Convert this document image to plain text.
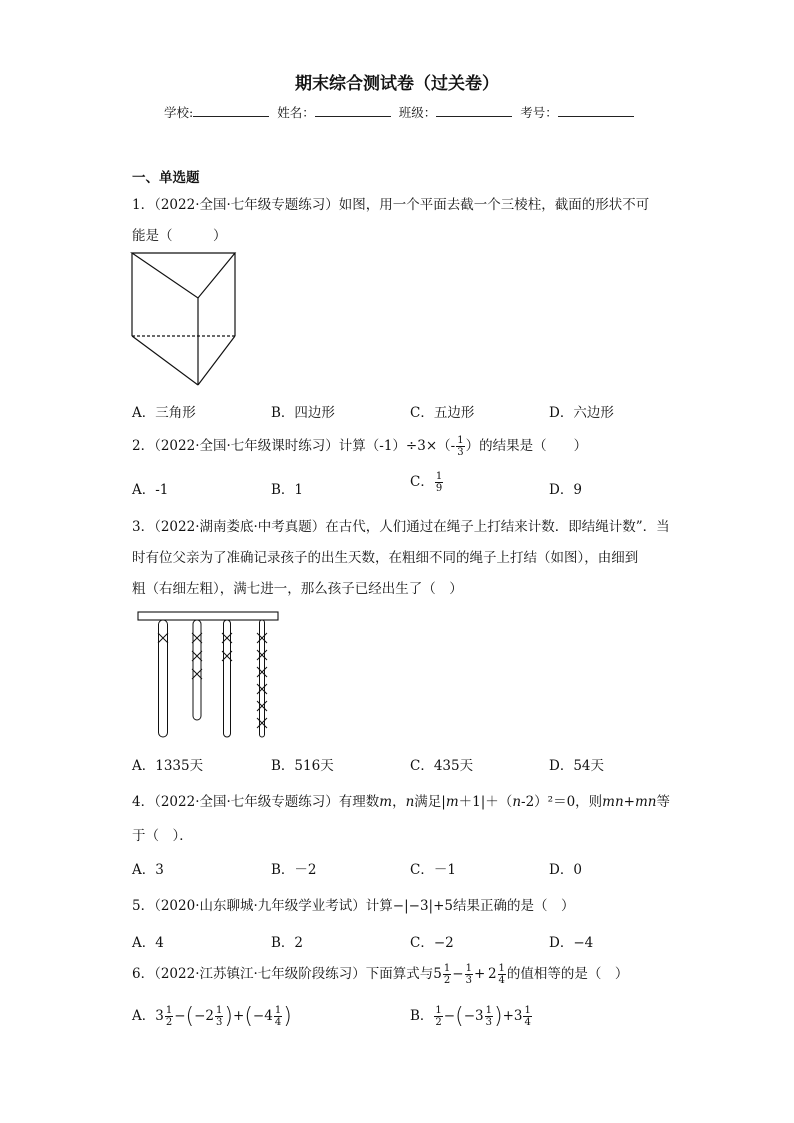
期末综合测试卷（过关卷）
学校:	姓名：	班级：	考号：
一、单选题
1．（2022·全国·七年级专题练习）如图，用一个平面去截一个三棱柱，截面的形状不可
能是（　　　）
A．三角形	B．四边形	C．五边形	D．六边形
2．（2022·全国·七年级课时练习）计算$(-1)\div 3\times(- \frac{1}{3}$ ）的结果是（　　）
A．-1	B．1	C． $\frac{1}{9}$	D．9
3．（2022·湖南娄底·中考真题）在古代，人们通过在绳子上打结来计数．即结绳计数”．当
时有位父亲为了准确记录孩子的出生天数，在粗细不同的绳子上打结（如图），由细到
粗（右细左粗），满七进一，那么孩子已经出生了（　）
A．1335天	B．516天	C．435天	D．54天
4．（2022·全国·七年级专题练习）有理数m，n满足|m＋1|＋（n-2）²＝0，则mn+mn等
于（　）．
A．3	B．－2	C．－1	D．0
5．（2020·山东聊城·九年级学业考试）计算−|−3|+5结果正确的是（　）
A．4	B．2	C．−2	D．−4
6．（2022·江苏镇江·七年级阶段练习）下面算式与$5 \frac{1}{2} - \frac{1}{3} + 2 \frac{1}{4}$ 的值相等的是（　）
A．$3 \frac{1}{2} -(-2 \frac{1}{3} )+(-4 \frac{1}{4}$ )	B． $\frac{1}{2} -(-3 \frac{1}{3} )+3 \frac{1}{4}$
